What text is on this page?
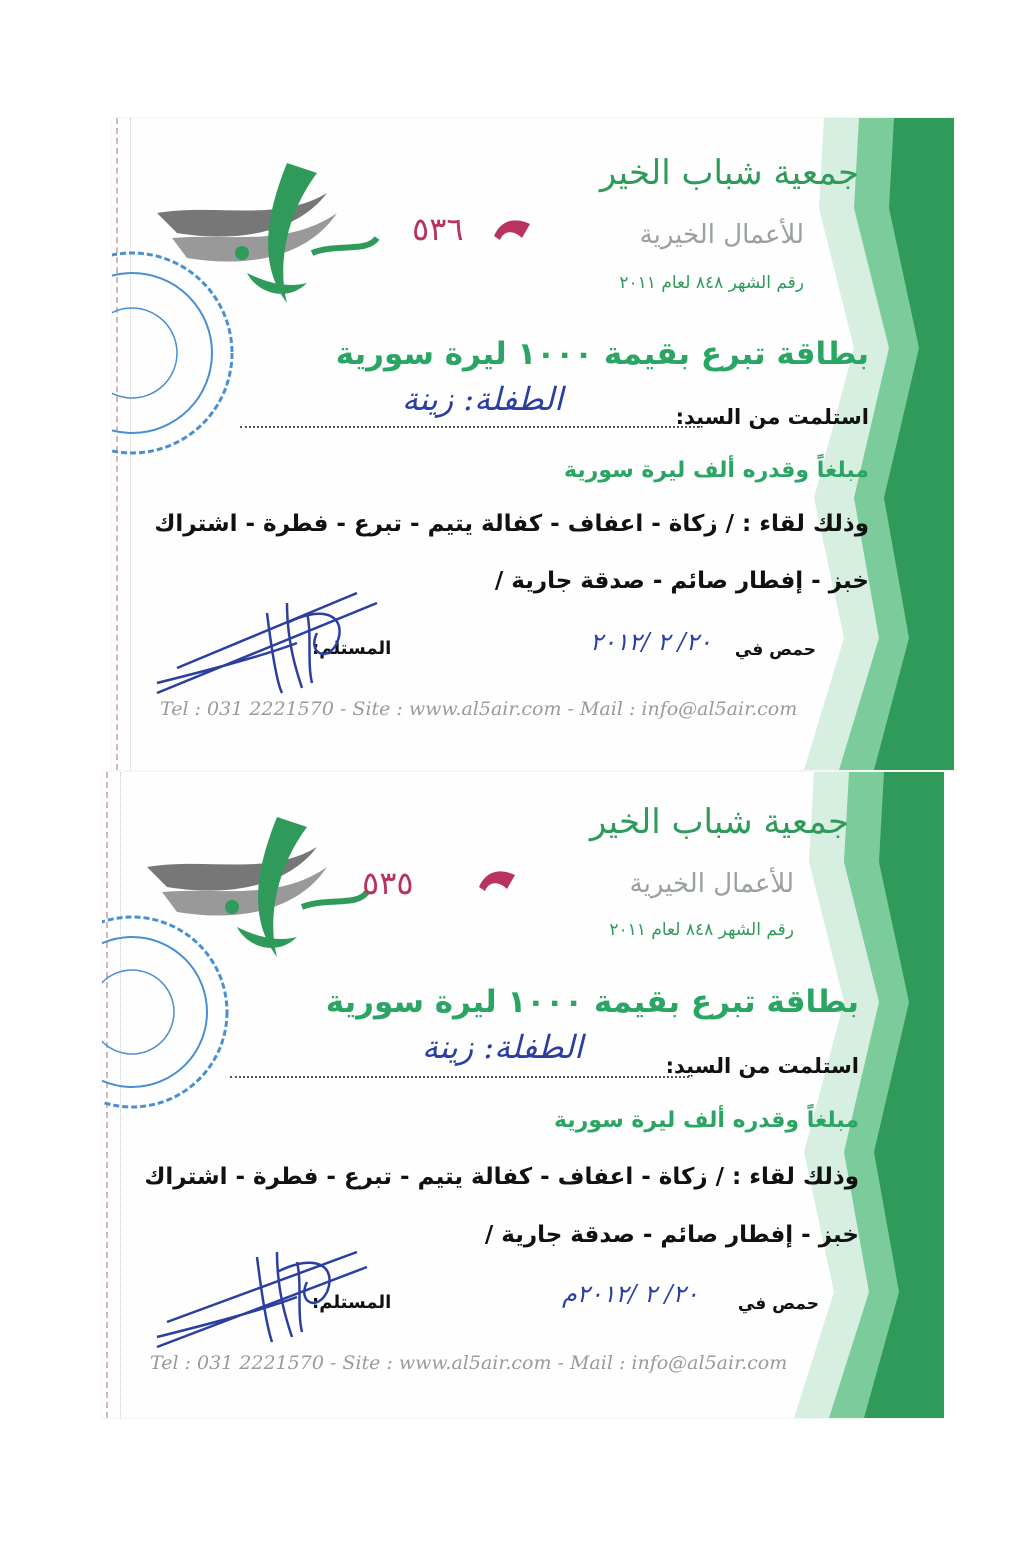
جمعية شباب الخير
للأعمال الخيرية
٥٣٦
رقم الشهر ٨٤٨ لعام ٢٠١١
بطاقة تبرع بقيمة ١٠٠٠ ليرة سورية
استلمت من السيد:
الطفلة: زينة
مبلغاً وقدره ألف ليرة سورية
وذلك لقاء : / زكاة - اعفاف - كفالة يتيم - تبرع - فطرة - اشتراك
خبز - إفطار صائم - صدقة جارية /
حمص في
٢٠/ ٢ /٢٠١٢
المستلم:
Tel : 031 2221570 - Site : www.al5air.com - Mail : info@al5air.com
جمعية شباب الخير
للأعمال الخيرية
٥٣٥
رقم الشهر ٨٤٨ لعام ٢٠١١
بطاقة تبرع بقيمة ١٠٠٠ ليرة سورية
استلمت من السيد:
الطفلة: زينة
مبلغاً وقدره ألف ليرة سورية
وذلك لقاء : / زكاة - اعفاف - كفالة يتيم - تبرع - فطرة - اشتراك
خبز - إفطار صائم - صدقة جارية /
حمص في
٢٠/ ٢ /٢٠١٢م
المستلم:
Tel : 031 2221570 - Site : www.al5air.com - Mail : info@al5air.com
